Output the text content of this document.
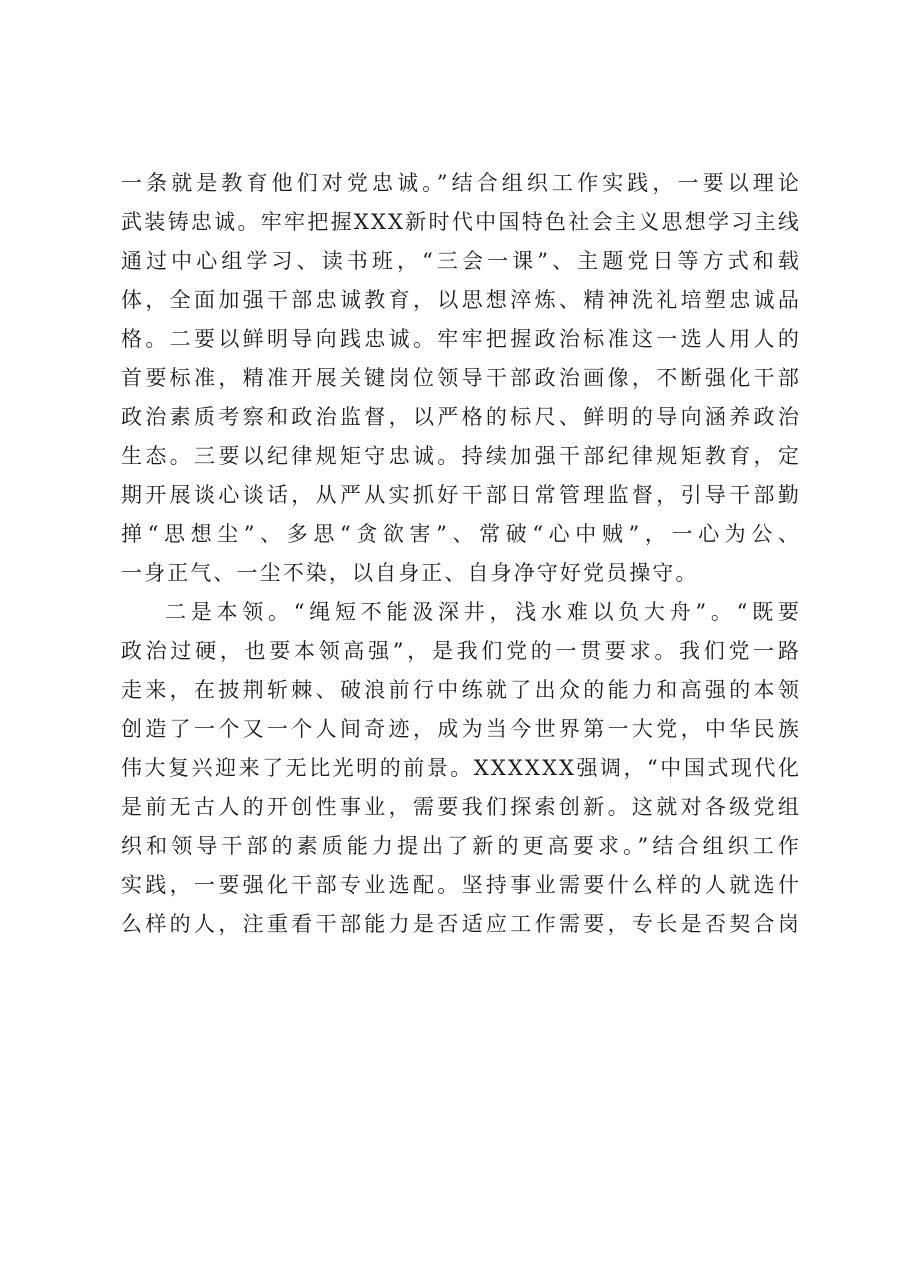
一条就是教育他们对党忠诚。”结合组织工作实践，一要以理论
武装铸忠诚。牢牢把握XXX新时代中国特色社会主义思想学习主线
通过中心组学习、读书班，“三会一课”、主题党日等方式和载
体，全面加强干部忠诚教育，以思想淬炼、精神洗礼培塑忠诚品
格。二要以鲜明导向践忠诚。牢牢把握政治标准这一选人用人的
首要标准，精准开展关键岗位领导干部政治画像，不断强化干部
政治素质考察和政治监督，以严格的标尺、鲜明的导向涵养政治
生态。三要以纪律规矩守忠诚。持续加强干部纪律规矩教育，定
期开展谈心谈话，从严从实抓好干部日常管理监督，引导干部勤
掸“思想尘”、多思“贪欲害”、常破“心中贼”，一心为公、
一身正气、一尘不染，以自身正、自身净守好党员操守。
二是本领。“绳短不能汲深井，浅水难以负大舟”。“既要
政治过硬，也要本领高强”，是我们党的一贯要求。我们党一路
走来，在披荆斩棘、破浪前行中练就了出众的能力和高强的本领
创造了一个又一个人间奇迹，成为当今世界第一大党，中华民族
伟大复兴迎来了无比光明的前景。XXXXXX强调，“中国式现代化
是前无古人的开创性事业，需要我们探索创新。这就对各级党组
织和领导干部的素质能力提出了新的更高要求。”结合组织工作
实践，一要强化干部专业选配。坚持事业需要什么样的人就选什
么样的人，注重看干部能力是否适应工作需要，专长是否契合岗
